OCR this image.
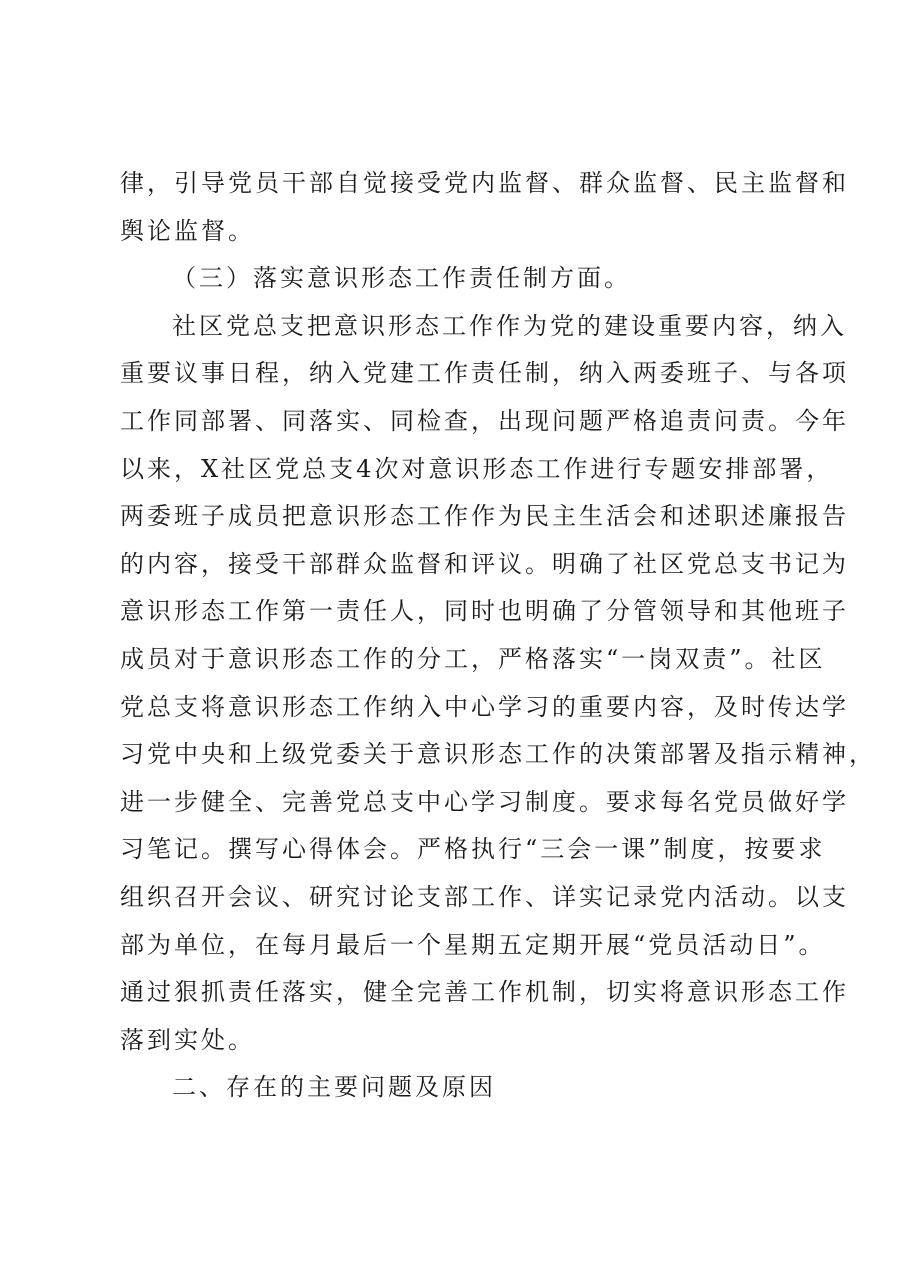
律，引导党员干部自觉接受党内监督、群众监督、民主监督和
舆论监督。
（三）落实意识形态工作责任制方面。
社区党总支把意识形态工作作为党的建设重要内容，纳入
重要议事日程，纳入党建工作责任制，纳入两委班子、与各项
工作同部署、同落实、同检查，出现问题严格追责问责。今年
以来，X社区党总支4次对意识形态工作进行专题安排部署，
两委班子成员把意识形态工作作为民主生活会和述职述廉报告
的内容，接受干部群众监督和评议。明确了社区党总支书记为
意识形态工作第一责任人，同时也明确了分管领导和其他班子
成员对于意识形态工作的分工，严格落实“一岗双责”。社区
党总支将意识形态工作纳入中心学习的重要内容，及时传达学
习党中央和上级党委关于意识形态工作的决策部署及指示精神，
进一步健全、完善党总支中心学习制度。要求每名党员做好学
习笔记。撰写心得体会。严格执行“三会一课”制度，按要求
组织召开会议、研究讨论支部工作、详实记录党内活动。以支
部为单位，在每月最后一个星期五定期开展“党员活动日”。
通过狠抓责任落实，健全完善工作机制，切实将意识形态工作
落到实处。
二、存在的主要问题及原因
